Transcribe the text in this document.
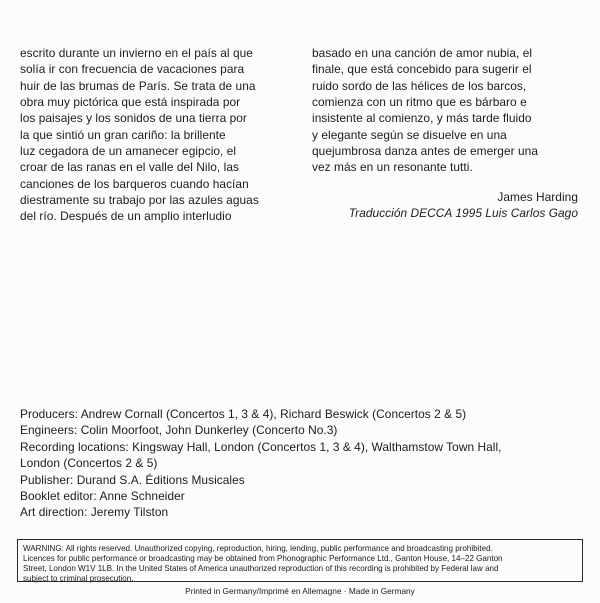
escrito durante un invierno en el país al que

solía ir con frecuencia de vacaciones para

huir de las brumas de París. Se trata de una

obra muy pictórica que está inspirada por

los paisajes y los sonidos de una tierra por

la que sintió un gran cariño: la brillente

luz cegadora de un amanecer egipcio, el

croar de las ranas en el valle del Nilo, las

canciones de los barqueros cuando hacían

diestramente su trabajo por las azules aguas

del río. Después de un amplio interludio

basado en una canción de amor nubia, el

finale, que está concebido para sugerir el

ruido sordo de las hélices de los barcos,

comienza con un ritmo que es bárbaro e

insistente al comienzo, y más tarde fluido

y elegante según se disuelve en una

quejumbrosa danza antes de emerger una

vez más en un resonante tutti.

James Harding

Traducción DECCA 1995 Luis Carlos Gago

Producers: Andrew Cornall (Concertos 1, 3 & 4), Richard Beswick (Concertos 2 & 5)
Engineers: Colin Moorfoot, John Dunkerley (Concerto No.3)
Recording locations: Kingsway Hall, London (Concertos 1, 3 & 4), Walthamstow Town Hall,
London (Concertos 2 & 5)
Publisher: Durand S.A. Éditions Musicales
Booklet editor: Anne Schneider
Art direction: Jeremy Tilston
WARNING: All rights reserved. Unauthorized copying, reproduction, hiring, lending, public performance and broadcasting prohibited.
Licences for public performance or broadcasting may be obtained from Phonographic Performance Ltd., Ganton House, 14–22 Ganton
Street, London W1V 1LB. In the United States of America unauthorized reproduction of this recording is prohibited by Federal law and
subject to criminal prosecution.
Printed in Germany/Imprimé en Allemagne · Made in Germany
